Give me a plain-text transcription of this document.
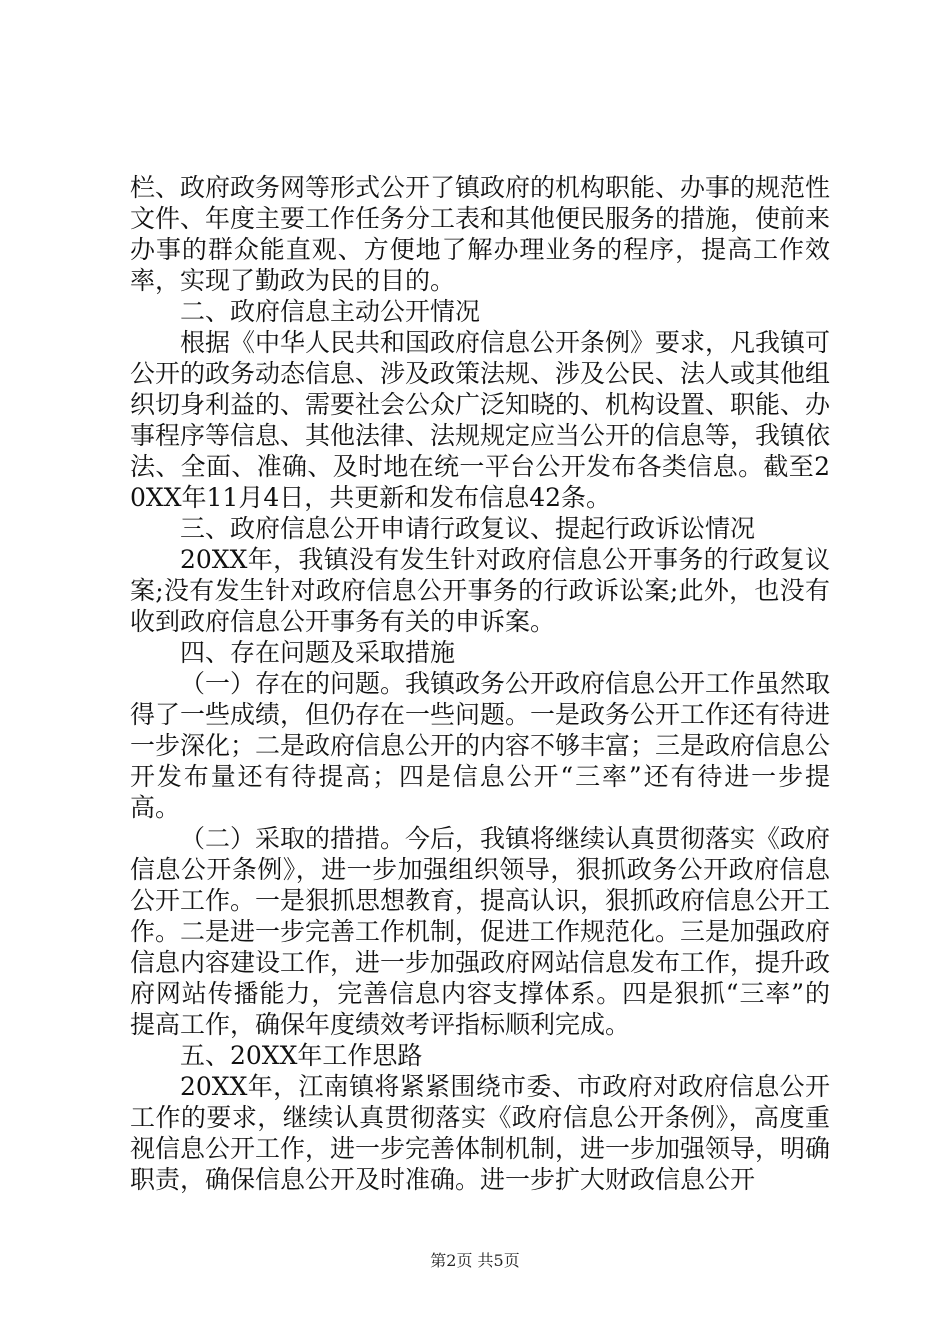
栏、政府政务网等形式公开了镇政府的机构职能、办事的规范性文件、年度主要工作任务分工表和其他便民服务的措施，使前来办事的群众能直观、方便地了解办理业务的程序，提高工作效率，实现了勤政为民的目的。

二、政府信息主动公开情况

根据《中华人民共和国政府信息公开条例》要求，凡我镇可公开的政务动态信息、涉及政策法规、涉及公民、法人或其他组织切身利益的、需要社会公众广泛知晓的、机构设置、职能、办事程序等信息、其他法律、法规规定应当公开的信息等，我镇依法、全面、准确、及时地在统一平台公开发布各类信息。截至20XX年11月4日，共更新和发布信息42条。

三、政府信息公开申请行政复议、提起行政诉讼情况

20XX年，我镇没有发生针对政府信息公开事务的行政复议案;没有发生针对政府信息公开事务的行政诉讼案;此外，也没有收到政府信息公开事务有关的申诉案。

四、存在问题及采取措施

（一）存在的问题。我镇政务公开政府信息公开工作虽然取得了一些成绩，但仍存在一些问题。一是政务公开工作还有待进一步深化；二是政府信息公开的内容不够丰富；三是政府信息公开发布量还有待提高；四是信息公开“三率”还有待进一步提高。

（二）采取的措措。今后，我镇将继续认真贯彻落实《政府信息公开条例》，进一步加强组织领导，狠抓政务公开政府信息公开工作。一是狠抓思想教育，提高认识，狠抓政府信息公开工作。二是进一步完善工作机制，促进工作规范化。三是加强政府信息内容建设工作，进一步加强政府网站信息发布工作，提升政府网站传播能力，完善信息内容支撑体系。四是狠抓“三率”的提高工作，确保年度绩效考评指标顺利完成。

五、20XX年工作思路

20XX年，江南镇将紧紧围绕市委、市政府对政府信息公开工作的要求，继续认真贯彻落实《政府信息公开条例》，高度重视信息公开工作，进一步完善体制机制，进一步加强领导，明确职责，确保信息公开及时准确。进一步扩大财政信息公开

第2页 共5页
